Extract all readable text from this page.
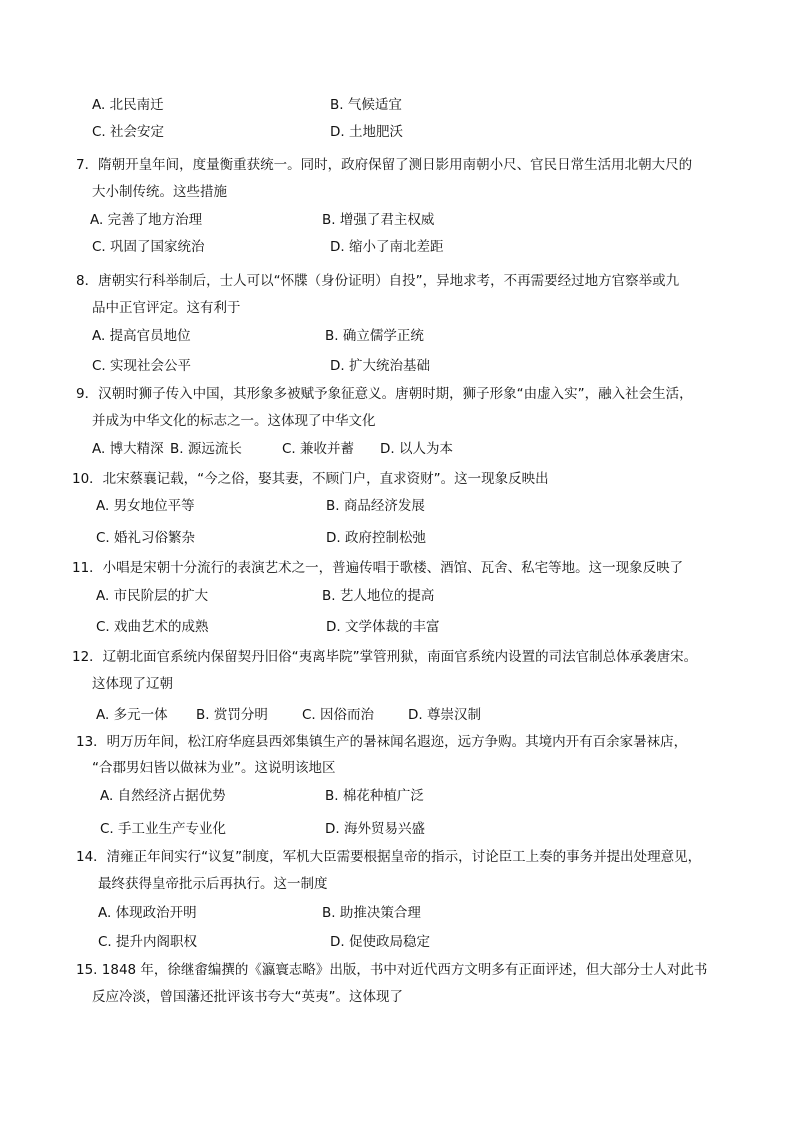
A. 北民南迁	B. 气候适宜
C. 社会安定	D. 土地肥沃
7．隋朝开皇年间，度量衡重获统一。同时，政府保留了测日影用南朝小尺、官民日常生活用北朝大尺的
大小制传统。这些措施
A. 完善了地方治理	B. 增强了君主权威
C. 巩固了国家统治	D. 缩小了南北差距
8．唐朝实行科举制后，士人可以“怀牒（身份证明）自投”，异地求考，不再需要经过地方官察举或九
品中正官评定。这有利于
A. 提高官员地位	B. 确立儒学正统
C. 实现社会公平	D. 扩大统治基础
9．汉朝时狮子传入中国，其形象多被赋予象征意义。唐朝时期，狮子形象“由虚入实”，融入社会生活，
并成为中华文化的标志之一。这体现了中华文化
A. 博大精深 B. 源远流长	C. 兼收并蓄 D. 以人为本
10．北宋蔡襄记载，“今之俗，娶其妻，不顾门户，直求资财”。这一现象反映出
A. 男女地位平等	B. 商品经济发展
C. 婚礼习俗繁杂	D. 政府控制松弛
11．小唱是宋朝十分流行的表演艺术之一，普遍传唱于歌楼、酒馆、瓦舍、私宅等地。这一现象反映了
A. 市民阶层的扩大	B. 艺人地位的提高
C. 戏曲艺术的成熟	D. 文学体裁的丰富
12．辽朝北面官系统内保留契丹旧俗“夷离毕院”掌管刑狱，南面官系统内设置的司法官制总体承袭唐宋。
这体现了辽朝
A. 多元一体 B. 赏罚分明	C. 因俗而治	D. 尊崇汉制
13．明万历年间，松江府华庭县西郊集镇生产的暑袜闻名遐迩，远方争购。其境内开有百余家暑袜店，
“合郡男妇皆以做袜为业”。这说明该地区
A. 自然经济占据优势	B. 棉花种植广泛
C. 手工业生产专业化	D. 海外贸易兴盛
14．清雍正年间实行“议复”制度，军机大臣需要根据皇帝的指示，讨论臣工上奏的事务并提出处理意见，
最终获得皇帝批示后再执行。这一制度
A. 体现政治开明	B. 助推决策合理
C. 提升内阁职权	D. 促使政局稳定
15. 1848 年，徐继畬编撰的《瀛寰志略》出版，书中对近代西方文明多有正面评述，但大部分士人对此书
反应冷淡，曾国藩还批评该书夸大“英夷”。这体现了
